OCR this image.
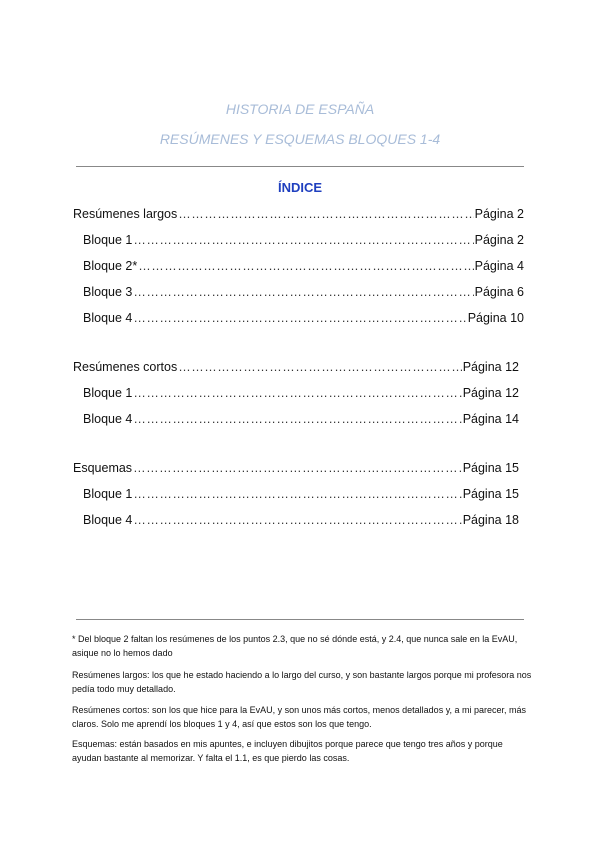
HISTORIA DE ESPAÑA
RESÚMENES Y ESQUEMAS BLOQUES 1-4
ÍNDICE
Resúmenes largos …………………………………………………………………………………………………………………………………………………………………………	Página 2
Bloque 1 …………………………………………………………………………………………………………………………………………………………………………	Página 2
Bloque 2* …………………………………………………………………………………………………………………………………………………………………………	Página 4
Bloque 3 …………………………………………………………………………………………………………………………………………………………………………	Página 6
Bloque 4 …………………………………………………………………………………………………………………………………………………………………………	Página 10
Resúmenes cortos …………………………………………………………………………………………………………………………………………………………………………	Página 12
Bloque 1 …………………………………………………………………………………………………………………………………………………………………………	Página 12
Bloque 4 …………………………………………………………………………………………………………………………………………………………………………	Página 14
Esquemas …………………………………………………………………………………………………………………………………………………………………………	Página 15
Bloque 1 …………………………………………………………………………………………………………………………………………………………………………	Página 15
Bloque 4 …………………………………………………………………………………………………………………………………………………………………………	Página 18
* Del bloque 2 faltan los resúmenes de los puntos 2.3, que no sé dónde está, y 2.4, que nunca sale en la EvAU, asique no lo hemos dado
Resúmenes largos: los que he estado haciendo a lo largo del curso, y son bastante largos porque mi profesora nos pedía todo muy detallado.
Resúmenes cortos: son los que hice para la EvAU, y son unos más cortos, menos detallados y, a mi parecer, más claros. Solo me aprendí los bloques 1 y 4, así que estos son los que tengo.
Esquemas: están basados en mis apuntes, e incluyen dibujitos porque parece que tengo tres años y porque ayudan bastante al memorizar. Y falta el 1.1, es que pierdo las cosas.
